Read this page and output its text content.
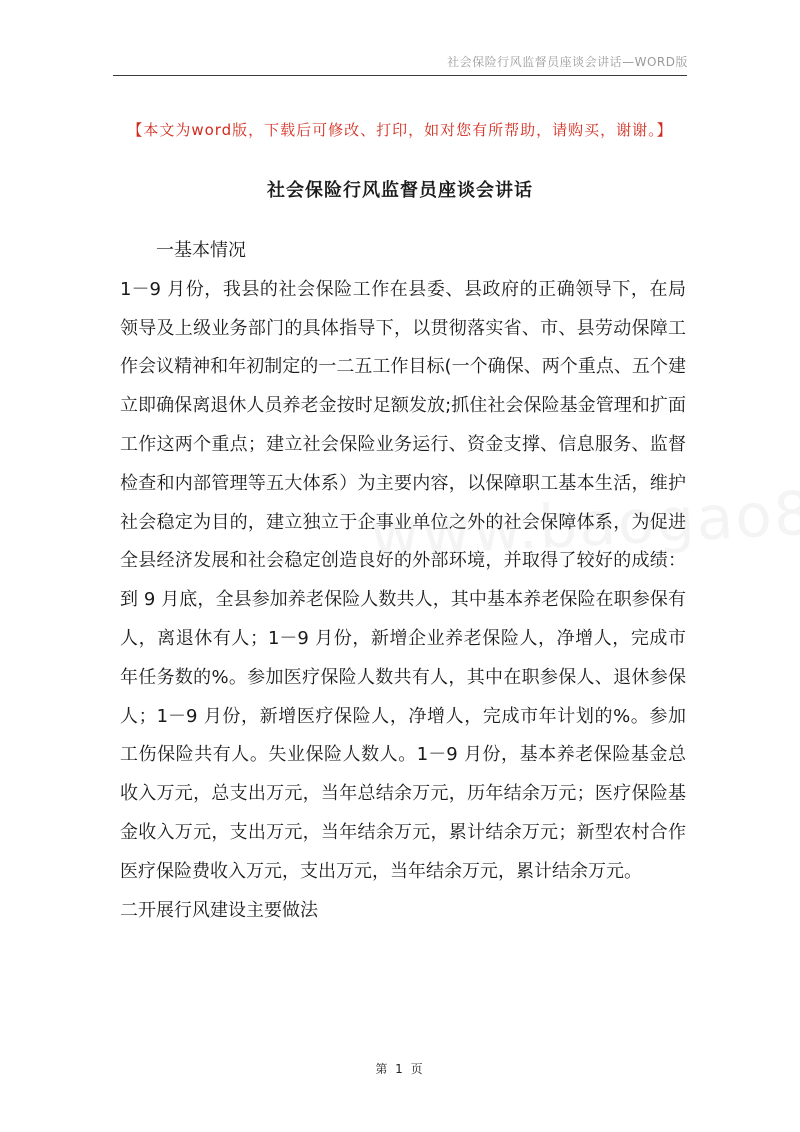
社会保险行风监督员座谈会讲话—WORD版
【本文为word版，下载后可修改、打印，如对您有所帮助，请购买，谢谢。】
社会保险行风监督员座谈会讲话

一基本情况

1－9 月份，我县的社会保险工作在县委、县政府的正确领导下，在局领导及上级业务部门的具体指导下，以贯彻落实省、市、县劳动保障工作会议精神和年初制定的一二五工作目标(一个确保、两个重点、五个建立即确保离退休人员养老金按时足额发放;抓住社会保险基金管理和扩面工作这两个重点；建立社会保险业务运行、资金支撑、信息服务、监督检查和内部管理等五大体系）为主要内容，以保障职工基本生活，维护社会稳定为目的，建立独立于企事业单位之外的社会保障体系，为促进全县经济发展和社会稳定创造良好的外部环境，并取得了较好的成绩：到 9 月底，全县参加养老保险人数共人，其中基本养老保险在职参保有人，离退休有人；1－9 月份，新增企业养老保险人，净增人，完成市年任务数的%。参加医疗保险人数共有人，其中在职参保人、退休参保人；1－9 月份，新增医疗保险人，净增人，完成市年计划的%。参加工伤保险共有人。失业保险人数人。1－9 月份，基本养老保险基金总收入万元，总支出万元，当年总结余万元，历年结余万元；医疗保险基金收入万元，支出万元，当年结余万元，累计结余万元；新型农村合作医疗保险费收入万元，支出万元，当年结余万元，累计结余万元。

二开展行风建设主要做法

第 1 页
